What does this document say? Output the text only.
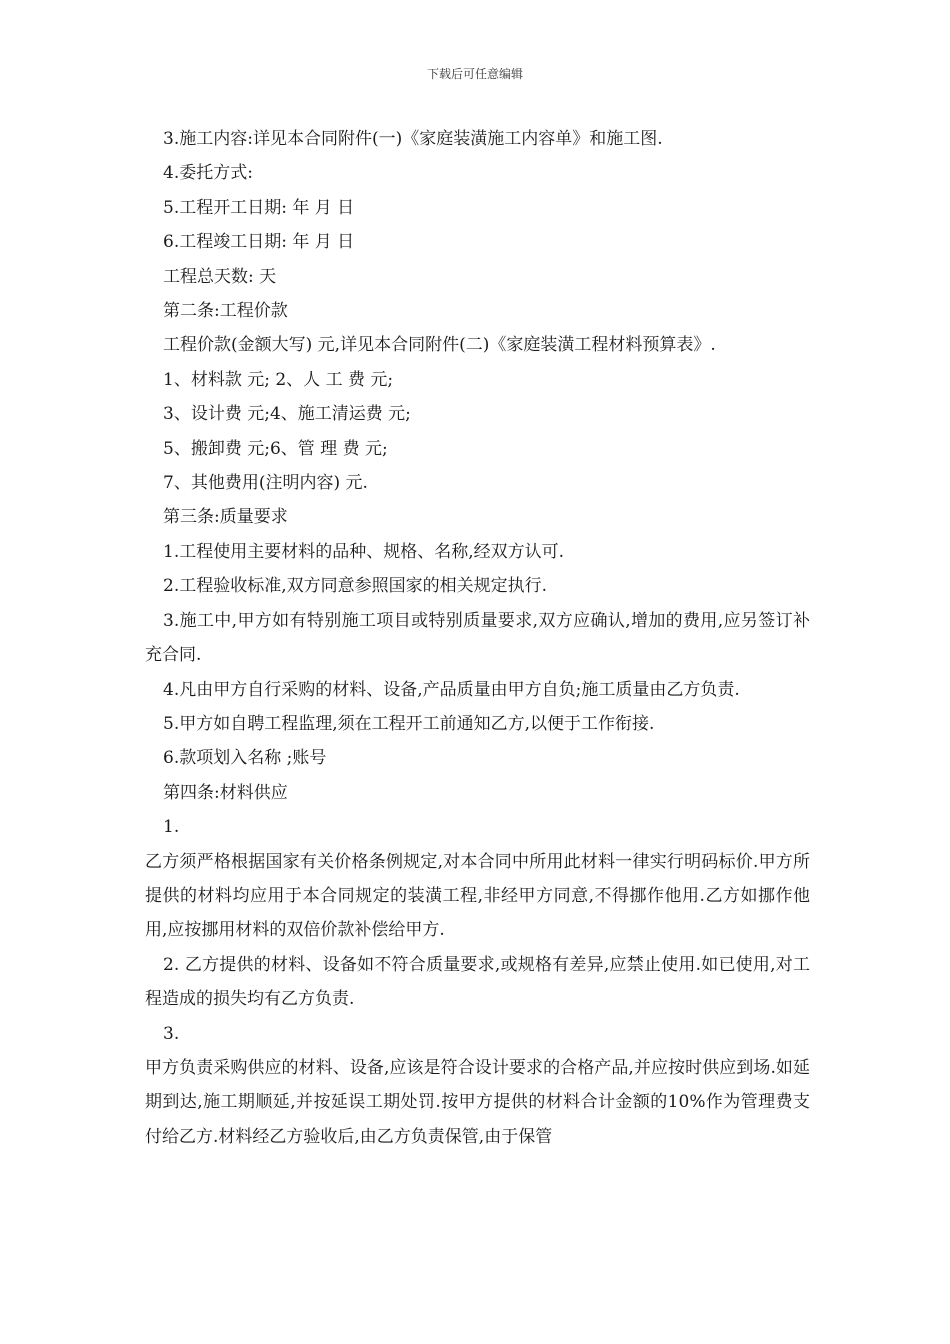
下载后可任意编辑

3.施工内容:详见本合同附件(一)《家庭装潢施工内容单》和施工图.

4.委托方式:

5.工程开工日期: 年 月 日

6.工程竣工日期: 年 月 日

工程总天数: 天

第二条:工程价款

工程价款(金额大写) 元,详见本合同附件(二)《家庭装潢工程材料预算表》.

1、材料款 元; 2、人 工 费 元;

3、设计费 元;4、施工清运费 元;

5、搬卸费 元;6、管 理 费 元;

7、其他费用(注明内容) 元.

第三条:质量要求

1.工程使用主要材料的品种、规格、名称,经双方认可.

2.工程验收标准,双方同意参照国家的相关规定执行.

3.施工中,甲方如有特别施工项目或特别质量要求,双方应确认,增加的费用,应另签订补充合同.

4.凡由甲方自行采购的材料、设备,产品质量由甲方自负;施工质量由乙方负责.

5.甲方如自聘工程监理,须在工程开工前通知乙方,以便于工作衔接.

6.款项划入名称 ;账号

第四条:材料供应

1.

乙方须严格根据国家有关价格条例规定,对本合同中所用此材料一律实行明码标价.甲方所提供的材料均应用于本合同规定的装潢工程,非经甲方同意,不得挪作他用.乙方如挪作他用,应按挪用材料的双倍价款补偿给甲方.

2. 乙方提供的材料、设备如不符合质量要求,或规格有差异,应禁止使用.如已使用,对工程造成的损失均有乙方负责.

3.

甲方负责采购供应的材料、设备,应该是符合设计要求的合格产品,并应按时供应到场.如延期到达,施工期顺延,并按延误工期处罚.按甲方提供的材料合计金额的10%作为管理费支付给乙方.材料经乙方验收后,由乙方负责保管,由于保管
